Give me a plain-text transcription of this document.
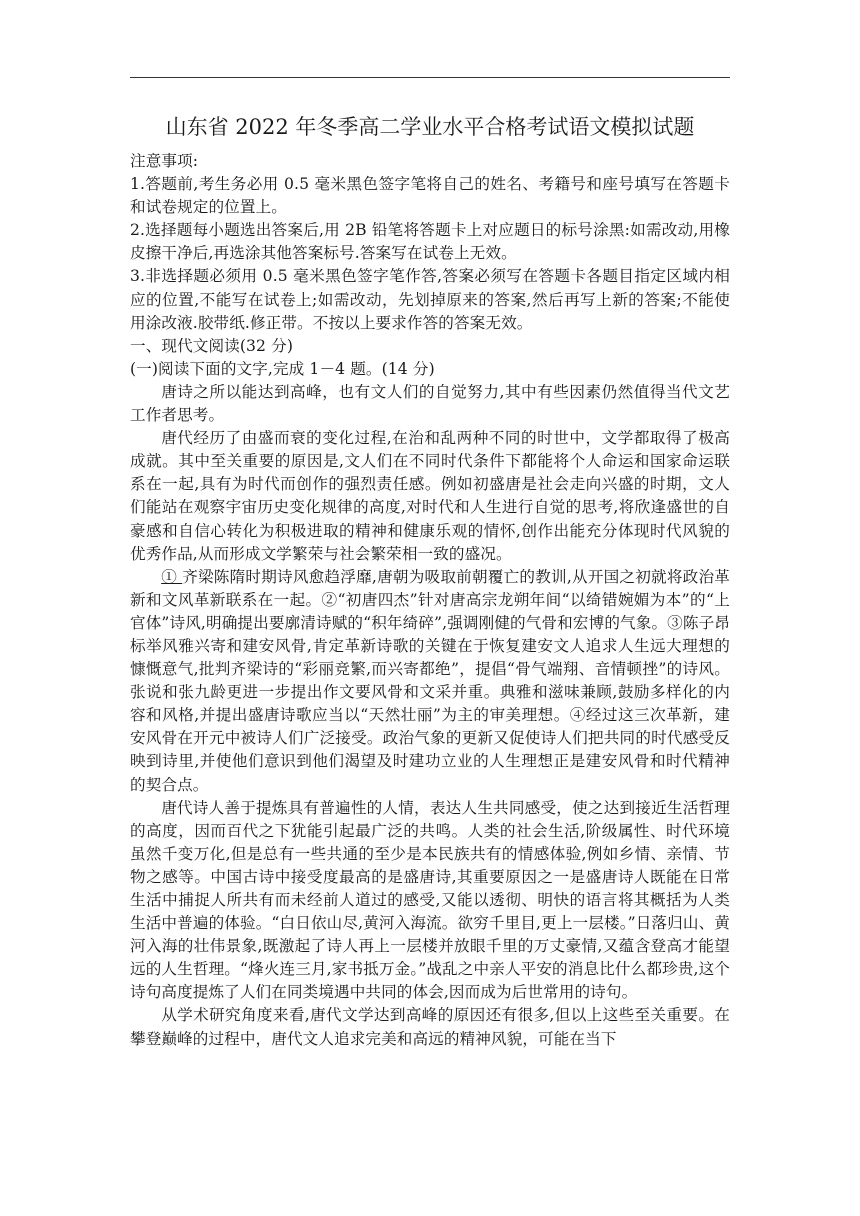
山东省 2022 年冬季高二学业水平合格考试语文模拟试题

注意事项:

1.答题前,考生务必用 0.5 毫米黑色签字笔将自己的姓名、考籍号和座号填写在答题卡和试卷规定的位置上。

2.选择题每小题选出答案后,用 2B 铅笔将答题卡上对应题日的标号涂黑:如需改动,用橡皮擦干净后,再选涂其他答案标号.答案写在试卷上无效。

3.非选择题必须用 0.5 毫米黑色签字笔作答,答案必须写在答题卡各题目指定区域内相应的位置,不能写在试卷上;如需改动，先划掉原来的答案,然后再写上新的答案;不能使用涂改液.胶带纸.修正带。不按以上要求作答的答案无效。

一、现代文阅读(32 分)

(一)阅读下面的文字,完成 1－4 题。(14 分)

唐诗之所以能达到高峰，也有文人们的自觉努力,其中有些因素仍然值得当代文艺工作者思考。

唐代经历了由盛而衰的变化过程,在治和乱两种不同的时世中，文学都取得了极高成就。其中至关重要的原因是,文人们在不同时代条件下都能将个人命运和国家命运联系在一起,具有为时代而创作的强烈责任感。例如初盛唐是社会走向兴盛的时期，文人们能站在观察宇宙历史变化规律的高度,对时代和人生进行自觉的思考,将欣逢盛世的自豪感和自信心转化为积极进取的精神和健康乐观的情怀,创作出能充分体现时代风貌的优秀作品,从而形成文学繁荣与社会繁荣相一致的盛况。

① 齐梁陈隋时期诗风愈趋浮靡,唐朝为吸取前朝覆亡的教训,从开国之初就将政治革新和文风革新联系在一起。②“初唐四杰”针对唐高宗龙朔年间“以绮错婉媚为本”的“上官体”诗风,明确提出要廓清诗赋的“积年绮碎”,强调刚健的气骨和宏博的气象。③陈子昂标举风雅兴寄和建安风骨,肯定革新诗歌的关键在于恢复建安文人追求人生远大理想的慷慨意气,批判齐梁诗的“彩丽竞繁,而兴寄都绝”，提倡“骨气端翔、音情顿挫”的诗风。张说和张九龄更进一步提出作文要风骨和文采并重。典雅和滋味兼顾,鼓励多样化的内容和风格,并提出盛唐诗歌应当以“天然壮丽”为主的审美理想。④经过这三次革新，建安风骨在开元中被诗人们广泛接受。政治气象的更新又促使诗人们把共同的时代感受反映到诗里,并使他们意识到他们渴望及时建功立业的人生理想正是建安风骨和时代精神的契合点。

唐代诗人善于提炼具有普遍性的人情，表达人生共同感受，使之达到接近生活哲理的高度，因而百代之下犹能引起最广泛的共鸣。人类的社会生活,阶级属性、时代环境虽然千变万化,但是总有一些共通的至少是本民族共有的情感体验,例如乡情、亲情、节物之感等。中国古诗中接受度最高的是盛唐诗,其重要原因之一是盛唐诗人既能在日常生活中捕捉人所共有而未经前人道过的感受,又能以透彻、明快的语言将其概括为人类生活中普遍的体验。“白日依山尽,黄河入海流。欲穷千里目,更上一层楼。”日落归山、黄河入海的壮伟景象,既激起了诗人再上一层楼并放眼千里的万丈豪情,又蕴含登高才能望远的人生哲理。“烽火连三月,家书抵万金。”战乱之中亲人平安的消息比什么都珍贵,这个诗句高度提炼了人们在同类境遇中共同的体会,因而成为后世常用的诗句。

从学术研究角度来看,唐代文学达到高峰的原因还有很多,但以上这些至关重要。在攀登巅峰的过程中，唐代文人追求完美和高远的精神风貌，可能在当下
